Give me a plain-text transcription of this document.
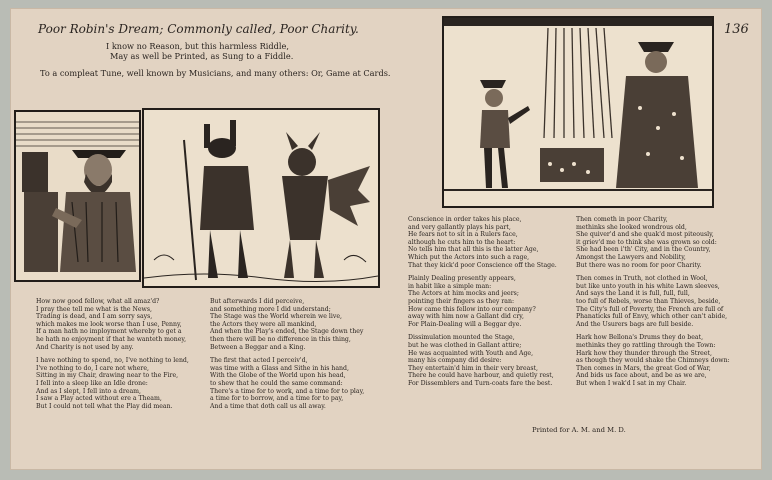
Poor Robin's Dream; Commonly called, Poor Charity.	136
I know no Reason, but this harmless Riddle,
May as well be Printed, as Sung to a Fiddle.
To a compleat Tune, well known by Musicians, and many others: Or, Game at Cards.
How now good fellow, what all amaz'd?
I pray thee tell me what is the News,
Trading is dead, and I am sorry says,
which makes me look worse than I use, Penny,
If a man hath no imployment whereby to get a
he hath no enjoyment if that he wanteth money,
And Charity is not used by any.
I have nothing to spend, no, I've nothing to lend,
I've nothing to do, I care not where,
Sitting in my Chair, drawing near to the Fire,
I fell into a sleep like an Idle drone:
And as I slept, I fell into a dream,
I saw a Play acted without ere a Theam,
But I could not tell what the Play did mean.
But afterwards I did perceive,
and something more I did understand;
The Stage was the World wherein we live,
the Actors they were all mankind,
And when the Play's ended, the Stage down they
then there will be no difference in this thing,
Between a Beggar and a King.
The first that acted I perceiv'd,
was time with a Glass and Sithe in his hand,
With the Globe of the World upon his head,
to shew that he could the same command:
There's a time for to work, and a time for to play,
a time for to borrow, and a time for to pay,
And a time that doth call us all away.
Conscience in order takes his place,
and very gallantly plays his part,
He fears not to sit in a Rulers face,
although he cuts him to the heart:
No tells him that all this is the latter Age,
Which put the Actors into such a rage,
That they kick'd poor Conscience off the Stage.
Plainly Dealing presently appears,
in habit like a simple man:
The Actors at him mocks and jeers;
pointing their fingers as they ran:
How came this fellow into our company?
away with him now a Gallant did cry,
For Plain-Dealing will a Beggar dye.
Dissimulation mounted the Stage,
but he was clothed in Gallant attire;
He was acquainted with Youth and Age,
many his company did desire:
They entertain'd him in their very breast,
There he could have harbour, and quietly rest,
For Dissemblers and Turn-coats fare the best.
Then cometh in poor Charity,
methinks she looked wondrous old,
She quiver'd and she quak'd most piteously,
it griev'd me to think she was grown so cold:
She had been i'th' City, and in the Country,
Amongst the Lawyers and Nobility,
But there was no room for poor Charity.
Then comes in Truth, not clothed in Wool,
but like unto youth in his white Lawn sleeves,
And says the Land it is full, full, full,
too full of Rebels, worse than Thieves, beside,
The City's full of Poverty, the French are full of
Phanaticks full of Envy, which other can't abide,
And the Usurers bags are full beside.
Hark how Bellona's Drums they do beat,
methinks they go rattling through the Town:
Hark how they thunder through the Street,
as though they would shake the Chimneys down:
Then comes in Mars, the great God of War,
And bids us face about, and be as we are,
But when I wak'd I sat in my Chair.
Printed for A. M. and M. D.
